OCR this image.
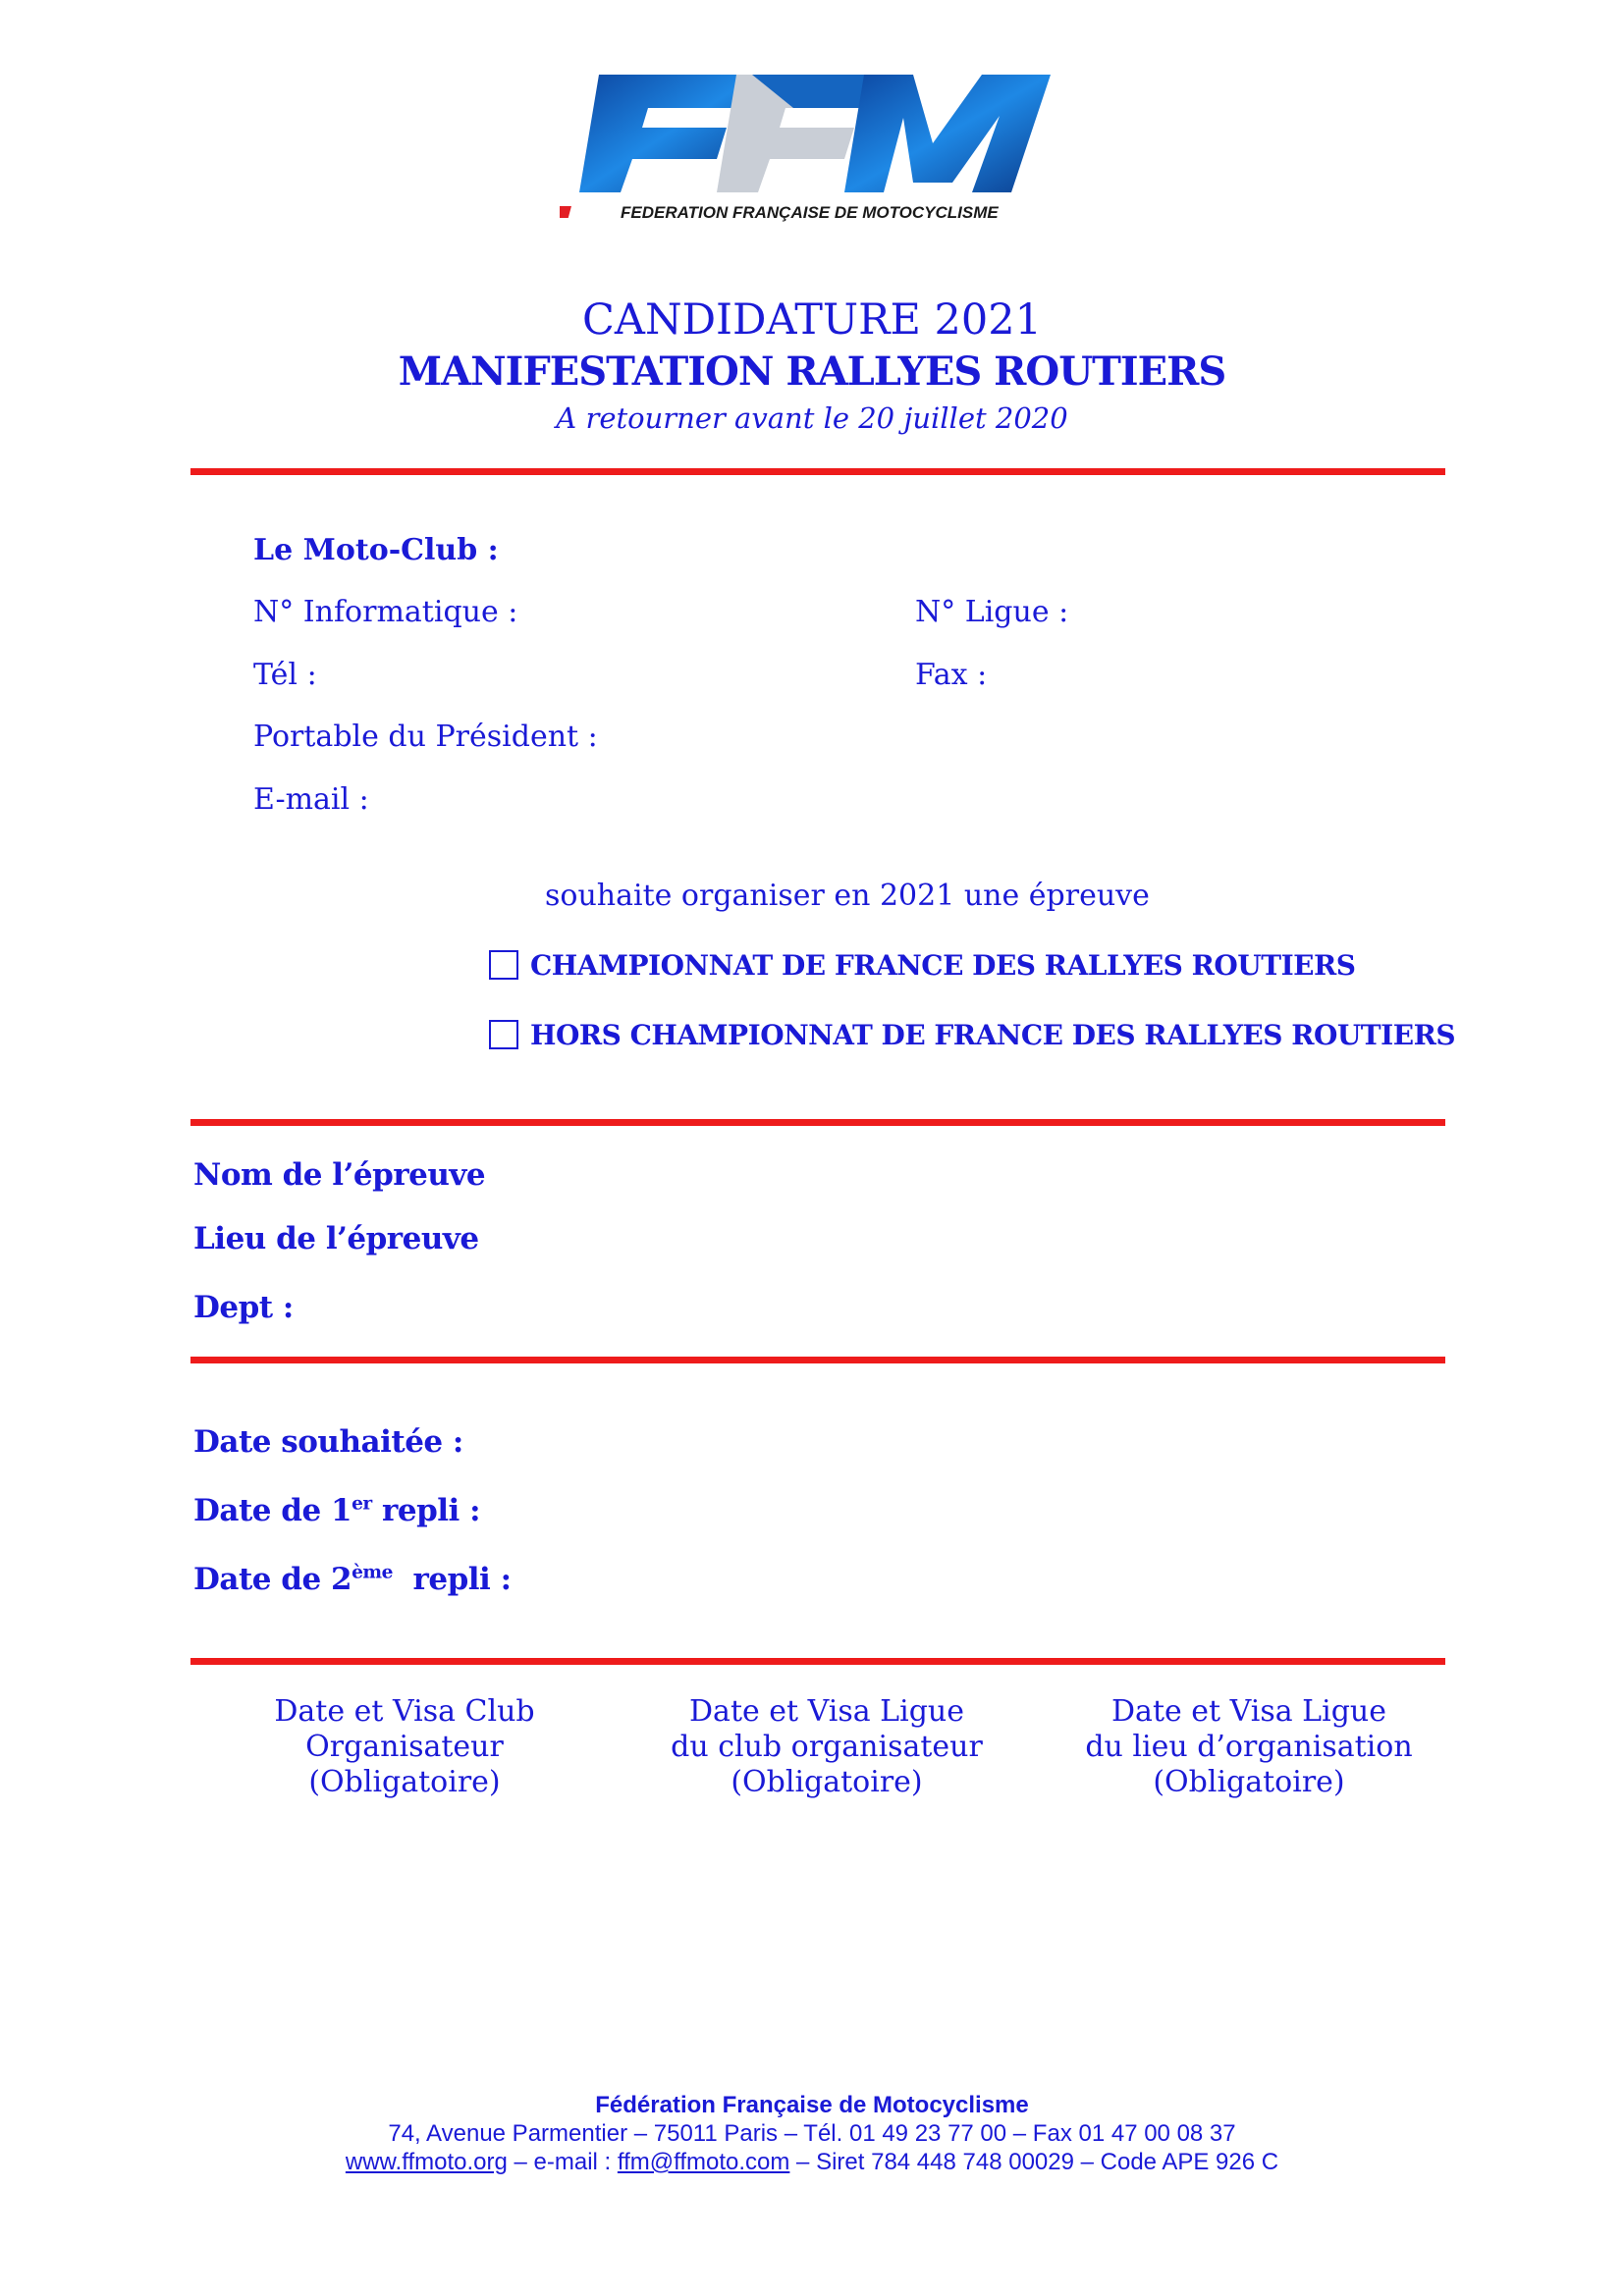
FEDERATION FRANÇAISE DE MOTOCYCLISME
CANDIDATURE 2021
MANIFESTATION RALLYES ROUTIERS
A retourner avant le 20 juillet 2020
Le Moto-Club :
N° Informatique :	N° Ligue :
Tél :	Fax :
Portable du Président :
E-mail :
souhaite organiser en 2021 une épreuve
CHAMPIONNAT DE FRANCE DES RALLYES ROUTIERS
HORS CHAMPIONNAT DE FRANCE DES RALLYES ROUTIERS
Nom de l’épreuve
Lieu de l’épreuve
Dept :
Date souhaitée :
Date de 1er repli :
Date de 2ème  repli :
Date et Visa Club
Organisateur
(Obligatoire)
Date et Visa Ligue
du club organisateur
(Obligatoire)
Date et Visa Ligue
du lieu d’organisation
(Obligatoire)
Fédération Française de Motocyclisme
74, Avenue Parmentier – 75011 Paris – Tél. 01 49 23 77 00 – Fax 01 47 00 08 37
www.ffmoto.org – e-mail : ffm@ffmoto.com – Siret 784 448 748 00029 – Code APE 926 C
